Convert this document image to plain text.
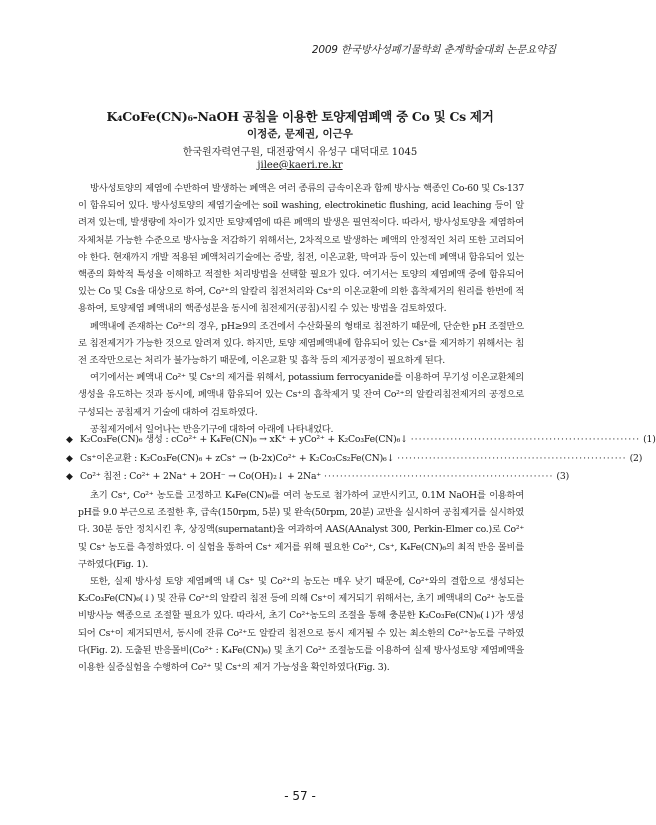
2009 한국방사성폐기물학회 춘계학술대회 논문요약집
K₄CoFe(CN)₆-NaOH 공침을 이용한 토양제염폐액 중 Co 및 Cs 제거
이정준, 문제권, 이근우
한국원자력연구원, 대전광역시 유성구 대덕대로 1045
jilee@kaeri.re.kr

방사성토양의 제염에 수반하여 발생하는 폐액은 여러 종류의 금속이온과 함께 방사능 핵종인 Co-60 및 Cs-137이 함유되어 있다. 방사성토양의 제염기술에는 soil washing, electrokinetic flushing, acid leaching 등이 알려져 있는데, 발생량에 차이가 있지만 토양제염에 따른 폐액의 발생은 필연적이다. 따라서, 방사성토양을 제염하여 자체처분 가능한 수준으로 방사능을 저감하기 위해서는, 2차적으로 발생하는 폐액의 안정적인 처리 또한 고려되어야 한다. 현재까지 개발 적용된 폐액처리기술에는 증발, 침전, 이온교환, 막여과 등이 있는데 폐액내 함유되어 있는 핵종의 화학적 특성을 이해하고 적절한 처리방법을 선택할 필요가 있다. 여기서는 토양의 제염폐액 중에 함유되어 있는 Co 및 Cs을 대상으로 하여, Co²⁺의 알칼리 침전처리와 Cs⁺의 이온교환에 의한 흡착제거의 원리를 한번에 적용하여, 토양제염 폐액내의 핵종성분을 동시에 침전제거(공침)시킬 수 있는 방법을 검토하였다.

폐액내에 존재하는 Co²⁺의 경우, pH≥9의 조건에서 수산화물의 형태로 침전하기 때문에, 단순한 pH 조절만으로 침전제거가 가능한 것으로 알려져 있다. 하지만, 토양 제염폐액내에 함유되어 있는 Cs⁺를 제거하기 위해서는 침전 조작만으로는 처리가 불가능하기 때문에, 이온교환 및 흡착 등의 제거공정이 필요하게 된다.

여기에서는 폐액내 Co²⁺ 및 Cs⁺의 제거를 위해서, potassium ferrocyanide를 이용하여 무기성 이온교환체의 생성을 유도하는 것과 동시에, 폐액내 함유되어 있는 Cs⁺의 흡착제거 및 잔여 Co²⁺의 알칼리침전제거의 공정으로 구성되는 공침제거 기술에 대하여 검토하였다.

공침제거에서 일어나는 반응기구에 대하여 아래에 나타내었다.

◆ K₂Co₃Fe(CN)₆ 생성 : cCo²⁺ + K₄Fe(CN)₆ → xK⁺ + yCo²⁺ + K₂Co₃Fe(CN)₆↓ ·························································· (1)
◆ Cs⁺이온교환 : K₂Co₃Fe(CN)₆ + zCs⁺ → (b-2x)Co²⁺ + K₂Co₃Cs₂Fe(CN)₆↓ ·························································· (2)
◆ Co²⁺ 침전 : Co²⁺ + 2Na⁺ + 2OH⁻ → Co(OH)₂↓ + 2Na⁺ ·························································· (3)

초기 Cs⁺, Co²⁺ 농도를 고정하고 K₄Fe(CN)₆를 여러 농도로 첨가하여 교반시키고, 0.1M NaOH를 이용하여 pH를 9.0 부근으로 조절한 후, 급속(150rpm, 5분) 및 완속(50rpm, 20분) 교반을 실시하여 공침제거를 실시하였다. 30분 동안 정치시킨 후, 상징액(supernatant)을 여과하여 AAS(AAnalyst 300, Perkin-Elmer co.)로 Co²⁺ 및 Cs⁺ 농도를 측정하였다. 이 실험을 통하여 Cs⁺ 제거를 위해 필요한 Co²⁺, Cs⁺, K₄Fe(CN)₆의 최적 반응 몰비를 구하였다(Fig. 1).

또한, 실제 방사성 토양 제염폐액 내 Cs⁺ 및 Co²⁺의 농도는 매우 낮기 때문에, Co²⁺와의 결합으로 생성되는 K₂Co₃Fe(CN)₆(↓) 및 잔류 Co²⁺의 알칼리 침전 등에 의해 Cs⁺이 제거되기 위해서는, 초기 폐액내의 Co²⁺ 농도를 비방사능 핵종으로 조절할 필요가 있다. 따라서, 초기 Co²⁺농도의 조절을 통해 충분한 K₂Co₃Fe(CN)₆(↓)가 생성되어 Cs⁺이 제거되면서, 동시에 잔류 Co²⁺도 알칼리 침전으로 동시 제거될 수 있는 최소한의 Co²⁺농도를 구하였다(Fig. 2). 도출된 반응몰비(Co²⁺ : K₄Fe(CN)₆) 및 초기 Co²⁺ 조절농도를 이용하여 실제 방사성토양 제염폐액을 이용한 실증실험을 수행하여 Co²⁺ 및 Cs⁺의 제거 가능성을 확인하였다(Fig. 3).

- 57 -
